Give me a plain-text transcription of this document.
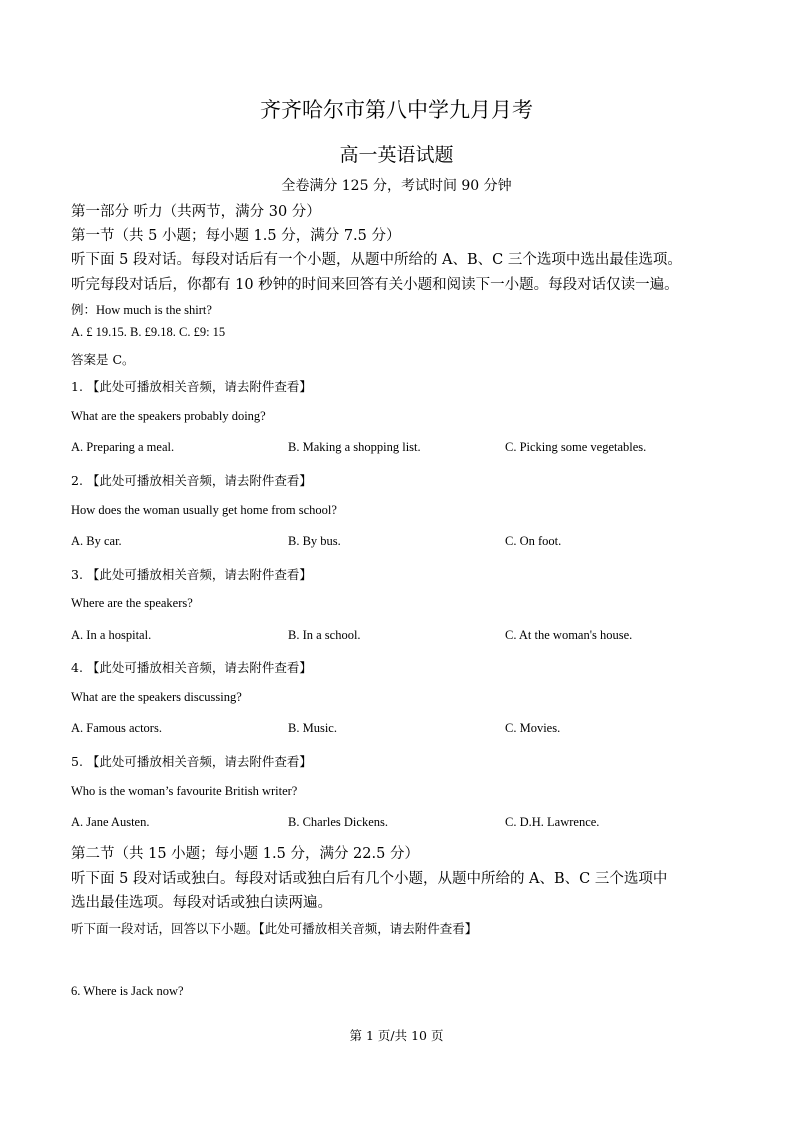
齐齐哈尔市第八中学九月月考
高一英语试题
全卷满分 125 分，考试时间 90 分钟
第一部分 听力（共两节，满分 30 分）
第一节（共 5 小题；每小题 1.5 分，满分 7.5 分）
听下面 5 段对话。每段对话后有一个小题，从题中所给的 A、B、C 三个选项中选出最佳选项。
听完每段对话后，你都有 10 秒钟的时间来回答有关小题和阅读下一小题。每段对话仅读一遍。
例：How much is the shirt?
A. £ 19.15. B. £9.18. C. £9: 15
答案是 C。
1. 【此处可播放相关音频，请去附件查看】
What are the speakers probably doing?
A. Preparing a meal.	B. Making a shopping list.	C. Picking some vegetables.
2. 【此处可播放相关音频，请去附件查看】
How does the woman usually get home from school?
A. By car.	B. By bus.	C. On foot.
3. 【此处可播放相关音频，请去附件查看】
Where are the speakers?
A. In a hospital.	B. In a school.	C. At the woman's house.
4. 【此处可播放相关音频，请去附件查看】
What are the speakers discussing?
A. Famous actors.	B. Music.	C. Movies.
5. 【此处可播放相关音频，请去附件查看】
Who is the woman’s favourite British writer?
A. Jane Austen.	B. Charles Dickens.	C. D.H. Lawrence.
第二节（共 15 小题；每小题 1.5 分，满分 22.5 分）
听下面 5 段对话或独白。每段对话或独白后有几个小题，从题中所给的 A、B、C 三个选项中
选出最佳选项。每段对话或独白读两遍。
听下面一段对话，回答以下小题。【此处可播放相关音频，请去附件查看】
6. Where is Jack now?
第 1 页/共 10 页
